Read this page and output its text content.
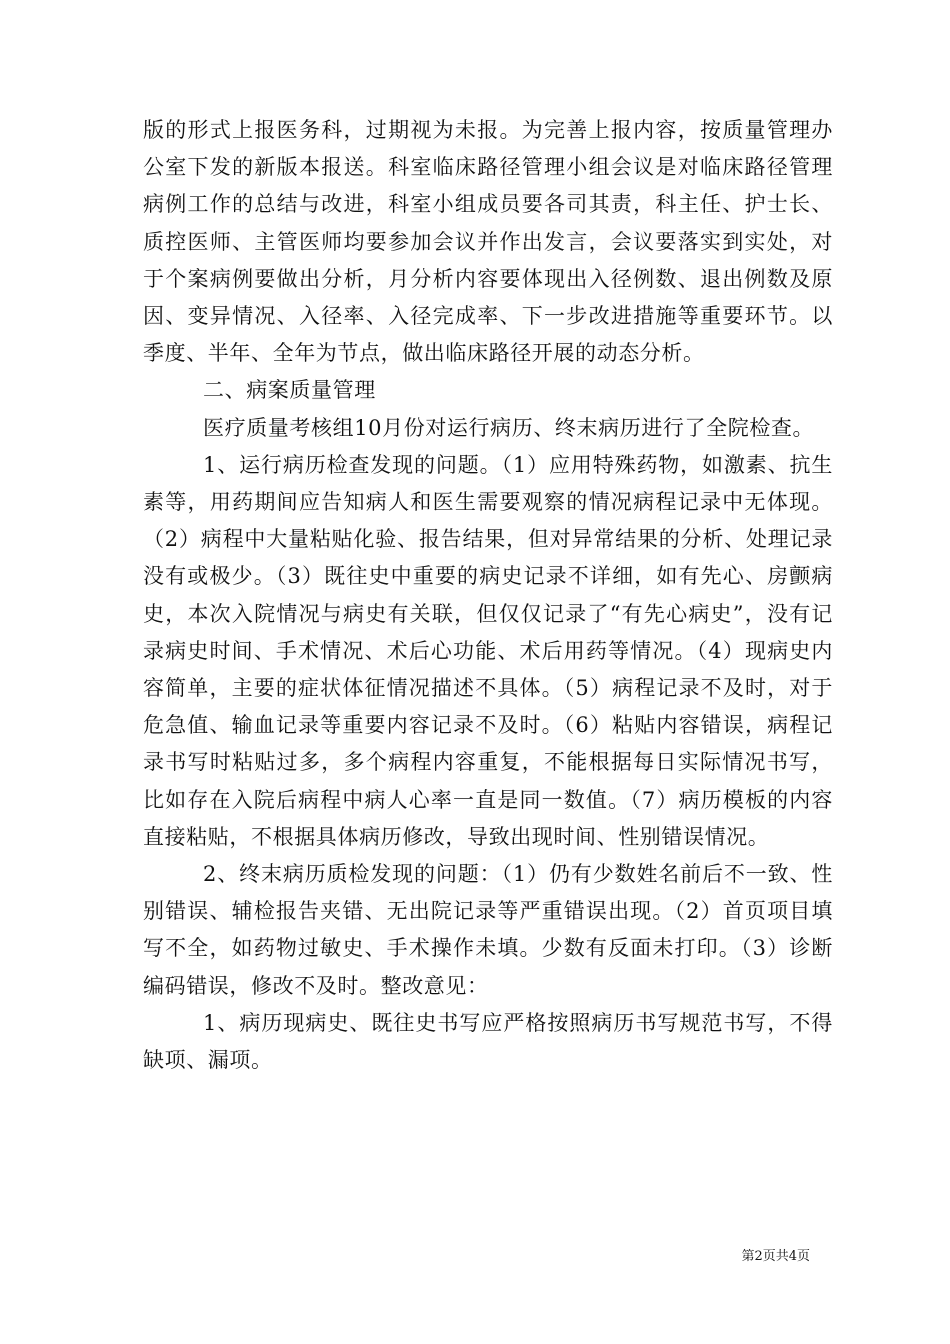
版的形式上报医务科，过期视为未报。为完善上报内容，按质量管理办公室下发的新版本报送。科室临床路径管理小组会议是对临床路径管理病例工作的总结与改进，科室小组成员要各司其责，科主任、护士长、质控医师、主管医师均要参加会议并作出发言，会议要落实到实处，对于个案病例要做出分析，月分析内容要体现出入径例数、退出例数及原因、变异情况、入径率、入径完成率、下一步改进措施等重要环节。以季度、半年、全年为节点，做出临床路径开展的动态分析。

二、病案质量管理

医疗质量考核组10月份对运行病历、终末病历进行了全院检查。

1、运行病历检查发现的问题。（1）应用特殊药物，如激素、抗生素等，用药期间应告知病人和医生需要观察的情况病程记录中无体现。（2）病程中大量粘贴化验、报告结果，但对异常结果的分析、处理记录没有或极少。（3）既往史中重要的病史记录不详细，如有先心、房颤病史，本次入院情况与病史有关联，但仅仅记录了“有先心病史”，没有记录病史时间、手术情况、术后心功能、术后用药等情况。（4）现病史内容简单，主要的症状体征情况描述不具体。（5）病程记录不及时，对于危急值、输血记录等重要内容记录不及时。（6）粘贴内容错误，病程记录书写时粘贴过多，多个病程内容重复，不能根据每日实际情况书写，比如存在入院后病程中病人心率一直是同一数值。（7）病历模板的内容直接粘贴，不根据具体病历修改，导致出现时间、性别错误情况。

2、终末病历质检发现的问题：（1）仍有少数姓名前后不一致、性别错误、辅检报告夹错、无出院记录等严重错误出现。（2）首页项目填写不全，如药物过敏史、手术操作未填。少数有反面未打印。（3）诊断编码错误，修改不及时。整改意见：

1、病历现病史、既往史书写应严格按照病历书写规范书写，不得缺项、漏项。

第2页共4页
